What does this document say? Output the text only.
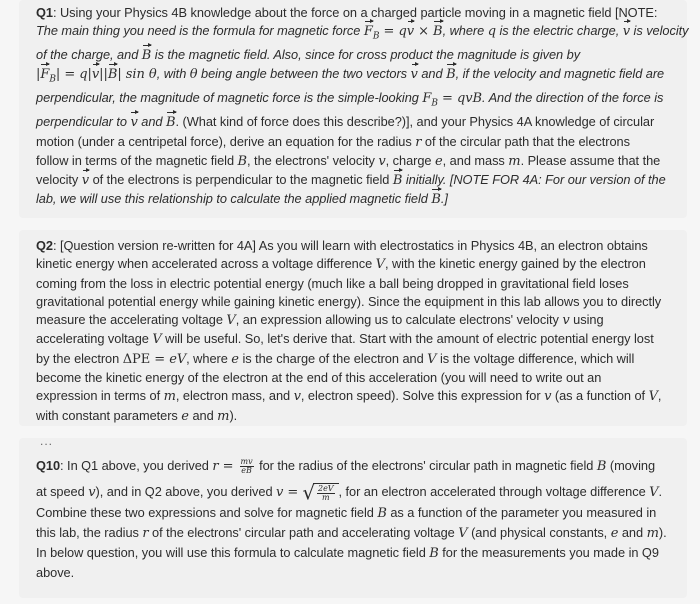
Q1: Using your Physics 4B knowledge about the force on a charged particle moving in a magnetic field [NOTE:
The main thing you need is the formula for magnetic force $F_B$ = qv × B, where q is the electric charge, v is velocity
of the charge, and B is the magnetic field. Also, since for cross product the magnitude is given by
$|F_B| = q|v||B|$ sin θ, with θ being angle between the two vectors v and B, if the velocity and magnetic field are
perpendicular, the magnitude of magnetic force is the simple-looking $F_B$ = qvB. And the direction of the force is
perpendicular to v and B. (What kind of force does this describe?)], and your Physics 4A knowledge of circular
motion (under a centripetal force), derive an equation for the radius r of the circular path that the electrons
follow in terms of the magnetic field B, the electrons' velocity v, charge e, and mass m. Please assume that the
velocity v of the electrons is perpendicular to the magnetic field B initially. [NOTE FOR 4A: For our version of the
lab, we will use this relationship to calculate the applied magnetic field B.]
Q2: [Question version re-written for 4A] As you will learn with electrostatics in Physics 4B, an electron obtains
kinetic energy when accelerated across a voltage difference V, with the kinetic energy gained by the electron
coming from the loss in electric potential energy (much like a ball being dropped in gravitational field loses
gravitational potential energy while gaining kinetic energy). Since the equipment in this lab allows you to directly
measure the accelerating voltage V, an expression allowing us to calculate electrons' velocity v using
accelerating voltage V will be useful. So, let's derive that. Start with the amount of electric potential energy lost
by the electron ΔPE = eV, where e is the charge of the electron and V is the voltage difference, which will
become the kinetic energy of the electron at the end of this acceleration (you will need to write out an
expression in terms of m, electron mass, and v, electron speed). Solve this expression for v (as a function of V,
with constant parameters e and m).
...
Q10: In Q1 above, you derived $r = \frac{mv}{eB}$ for the radius of the electrons' circular path in magnetic field B (moving
at speed v), and in Q2 above, you derived v = √ $\frac{2eV}{m}$ , for an electron accelerated through voltage difference V.
Combine these two expressions and solve for magnetic field B as a function of the parameter you measured in
this lab, the radius r of the electrons' circular path and accelerating voltage V (and physical constants, e and m).
In below question, you will use this formula to calculate magnetic field B for the measurements you made in Q9
above.
